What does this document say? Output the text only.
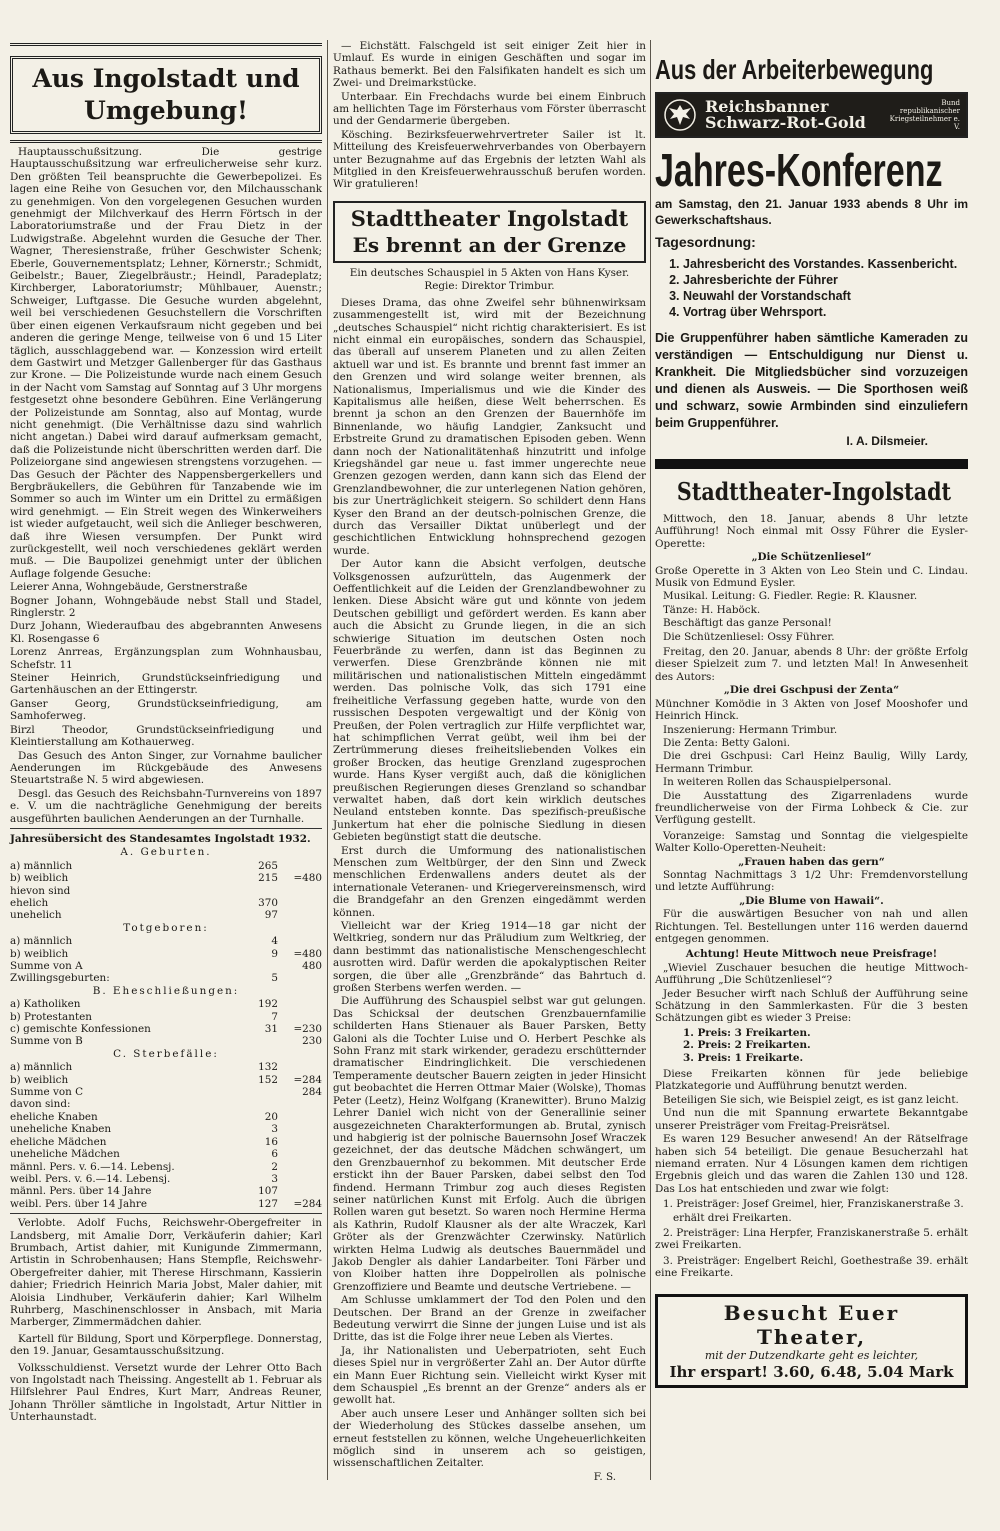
Aus Ingolstadt und Umgebung!

Hauptausschußsitzung. Die gestrige Hauptausschußsitzung war erfreulicherweise sehr kurz. Den größten Teil beanspruchte die Gewerbepolizei. Es lagen eine Reihe von Gesuchen vor, den Milchausschank zu genehmigen. Von den vorgelegenen Gesuchen wurden genehmigt der Milchverkauf des Herrn Förtsch in der Laboratoriumstraße und der Frau Dietz in der Ludwigstraße. Abgelehnt wurden die Gesuche der Ther. Wagner, Theresienstraße, früher Geschwister Schenk; Eberle, Gouvernementsplatz; Lehner, Körnerstr.; Schmidt, Geibelstr.; Bauer, Ziegelbräustr.; Heindl, Paradeplatz; Kirchberger, Laboratoriumstr; Mühlbauer, Auenstr.; Schweiger, Luftgasse. Die Gesuche wurden abgelehnt, weil bei verschiedenen Gesuchstellern die Vorschriften über einen eigenen Verkaufsraum nicht gegeben und bei anderen die geringe Menge, teilweise von 6 und 15 Liter täglich, ausschlaggebend war. — Konzession wird erteilt dem Gastwirt und Metzger Gallenberger für das Gasthaus zur Krone. — Die Polizeistunde wurde nach einem Gesuch in der Nacht vom Samstag auf Sonntag auf 3 Uhr morgens festgesetzt ohne besondere Gebühren. Eine Verlängerung der Polizeistunde am Sonntag, also auf Montag, wurde nicht genehmigt. (Die Verhältnisse dazu sind wahrlich nicht angetan.) Dabei wird darauf aufmerksam gemacht, daß die Polizeistunde nicht überschritten werden darf. Die Polizeiorgane sind angewiesen strengstens vorzugehen. — Das Gesuch der Pächter des Nappensbergerkellers und Bergbräukellers, die Gebühren für Tanzabende wie im Sommer so auch im Winter um ein Drittel zu ermäßigen wird genehmigt. — Ein Streit wegen des Winkerweihers ist wieder aufgetaucht, weil sich die Anlieger beschweren, daß ihre Wiesen versumpfen. Der Punkt wird zurückgestellt, weil noch verschiedenes geklärt werden muß. — Die Baupolizei genehmigt unter der üblichen Auflage folgende Gesuche:

Leierer Anna, Wohngebäude, Gerstnerstraße

Bogner Johann, Wohngebäude nebst Stall und Stadel, Ringlerstr. 2

Durz Johann, Wiederaufbau des abgebrannten Anwesens Kl. Rosengasse 6

Lorenz Anrreas, Ergänzungsplan zum Wohnhausbau, Schefstr. 11

Steiner Heinrich, Grundstückseinfriedigung und Gartenhäuschen an der Ettingerstr.

Ganser Georg, Grundstückseinfriedigung, am Samhoferweg.

Birzl Theodor, Grundstückseinfriedigung und Kleintierstallung am Kothauerweg.

Das Gesuch des Anton Singer, zur Vornahme baulicher Aenderungen im Rückgebäude des Anwesens Steuartstraße N. 5 wird abgewiesen.

Desgl. das Gesuch des Reichsbahn-Turnvereins von 1897 e. V. um die nachträgliche Genehmigung der bereits ausgeführten baulichen Aenderungen an der Turnhalle.

Jahresübersicht des Standesamtes Ingolstadt 1932.

A. Geburten.

a) männlich	265	
b) weiblich	215	=480
hievon sind		
ehelich	370	
unehelich	97	

Totgeboren:

a) männlich	4	
b) weiblich	9	=480
Summe von A		480
Zwillingsgeburten:	5	

B. Eheschließungen:

a) Katholiken	192	
b) Protestanten	7	
c) gemischte Konfessionen	31	=230
Summe von B		230

C. Sterbefälle:

a) männlich	132	
b) weiblich	152	=284
Summe von C		284
davon sind:		
eheliche Knaben	20	
uneheliche Knaben	3	
eheliche Mädchen	16	
uneheliche Mädchen	6	
männl. Pers. v. 6.—14. Lebensj.	2	
weibl. Pers. v. 6.—14. Lebensj.	3	
männl. Pers. über 14 Jahre	107	
weibl. Pers. über 14 Jahre	127	=284

Verlobte. Adolf Fuchs, Reichswehr-Obergefreiter in Landsberg, mit Amalie Dorr, Verkäuferin dahier; Karl Brumbach, Artist dahier, mit Kunigunde Zimmermann, Artistin in Schrobenhausen; Hans Stempfle, Reichswehr-Obergefreiter dahier, mit Therese Hirschmann, Kassierin dahier; Friedrich Heinrich Maria Jobst, Maler dahier, mit Aloisia Lindhuber, Verkäuferin dahier; Karl Wilhelm Ruhrberg, Maschinenschlosser in Ansbach, mit Maria Marberger, Zimmermädchen dahier.

Kartell für Bildung, Sport und Körperpflege. Donnerstag, den 19. Januar, Gesamtausschußsitzung.

Volksschuldienst. Versetzt wurde der Lehrer Otto Bach von Ingolstadt nach Theissing. Angestellt ab 1. Februar als Hilfslehrer Paul Endres, Kurt Marr, Andreas Reuner, Johann Thröller sämtliche in Ingolstadt, Artur Nittler in Unterhaunstadt.

— Eichstätt. Falschgeld ist seit einiger Zeit hier in Umlauf. Es wurde in einigen Geschäften und sogar im Rathaus bemerkt. Bei den Falsifikaten handelt es sich um Zwei- und Dreimarkstücke.

Unterbaar. Ein Frechdachs wurde bei einem Einbruch am hellichten Tage im Försterhaus vom Förster überrascht und der Gendarmerie übergeben.

Kösching. Bezirksfeuerwehrvertreter Sailer ist lt. Mitteilung des Kreisfeuerwehrverbandes von Oberbayern unter Bezugnahme auf das Ergebnis der letzten Wahl als Mitglied in den Kreisfeuerwehrausschuß berufen worden. Wir gratulieren!

Stadttheater Ingolstadt
Es brennt an der Grenze

Ein deutsches Schauspiel in 5 Akten von Hans Kyser.

Regie: Direktor Trimbur.

Dieses Drama, das ohne Zweifel sehr bühnenwirksam zusammengestellt ist, wird mit der Bezeichnung „deutsches Schauspiel“ nicht richtig charakterisiert. Es ist nicht einmal ein europäisches, sondern das Schauspiel, das überall auf unserem Planeten und zu allen Zeiten aktuell war und ist. Es brannte und brennt fast immer an den Grenzen und wird solange weiter brennen, als Nationalismus, Imperialismus und wie die Kinder des Kapitalismus alle heißen, diese Welt beherrschen. Es brennt ja schon an den Grenzen der Bauernhöfe im Binnenlande, wo häufig Landgier, Zanksucht und Erbstreite Grund zu dramatischen Episoden geben. Wenn dann noch der Nationalitätenhaß hinzutritt und infolge Kriegshändel gar neue u. fast immer ungerechte neue Grenzen gezogen werden, dann kann sich das Elend der Grenzlandbewohner, die zur unterlegenen Nation gehören, bis zur Unerträglichkeit steigern. So schildert denn Hans Kyser den Brand an der deutsch-polnischen Grenze, die durch das Versailler Diktat unüberlegt und der geschichtlichen Entwicklung hohnsprechend gezogen wurde.

Der Autor kann die Absicht verfolgen, deutsche Volksgenossen aufzurütteln, das Augenmerk der Oeffentlichkeit auf die Leiden der Grenzlandbewohner zu lenken. Diese Absicht wäre gut und könnte von jedem Deutschen gebilligt und gefördert werden. Es kann aber auch die Absicht zu Grunde liegen, in die an sich schwierige Situation im deutschen Osten noch Feuerbrände zu werfen, dann ist das Beginnen zu verwerfen. Diese Grenzbrände können nie mit militärischen und nationalistischen Mitteln eingedämmt werden. Das polnische Volk, das sich 1791 eine freiheitliche Verfassung gegeben hatte, wurde von den russischen Despoten vergewaltigt und der König von Preußen, der Polen vertraglich zur Hilfe verpflichtet war, hat schimpflichen Verrat geübt, weil ihm bei der Zertrümmerung dieses freiheitsliebenden Volkes ein großer Brocken, das heutige Grenzland zugesprochen wurde. Hans Kyser vergißt auch, daß die königlichen preußischen Regierungen dieses Grenzland so schandbar verwaltet haben, daß dort kein wirklich deutsches Neuland entsteben konnte. Das spezifisch-preußische Junkertum hat eher die polnische Siedlung in diesen Gebieten begünstigt statt die deutsche.

Erst durch die Umformung des nationalistischen Menschen zum Weltbürger, der den Sinn und Zweck menschlichen Erdenwallens anders deutet als der internationale Veteranen- und Kriegervereinsmensch, wird die Brandgefahr an den Grenzen eingedämmt werden können.

Vielleicht war der Krieg 1914—18 gar nicht der Weltkrieg, sondern nur das Präludium zum Weltkrieg, der dann bestimmt das nationalistische Menschengeschlecht ausrotten wird. Dafür werden die apokalyptischen Reiter sorgen, die über alle „Grenzbrände“ das Bahrtuch d. großen Sterbens werfen werden. —

Die Aufführung des Schauspiel selbst war gut gelungen. Das Schicksal der deutschen Grenzbauernfamilie schilderten Hans Stienauer als Bauer Parsken, Betty Galoni als die Tochter Luise und O. Herbert Peschke als Sohn Franz mit stark wirkender, geradezu erschütternder dramatischer Eindringlichkeit. Die verschiedenen Temperamente deutscher Bauern zeigten in jeder Hinsicht gut beobachtet die Herren Ottmar Maier (Wolske), Thomas Peter (Leetz), Heinz Wolfgang (Kranewitter). Bruno Malzig Lehrer Daniel wich nicht von der Generallinie seiner ausgezeichneten Charakterformungen ab. Brutal, zynisch und habgierig ist der polnische Bauernsohn Josef Wraczek gezeichnet, der das deutsche Mädchen schwängert, um den Grenzbauernhof zu bekommen. Mit deutscher Erde erstickt ihn der Bauer Parsken, dabei selbst den Tod findend. Hermann Trimbur zog auch dieses Registen seiner natürlichen Kunst mit Erfolg. Auch die übrigen Rollen waren gut besetzt. So waren noch Hermine Herma als Kathrin, Rudolf Klausner als der alte Wraczek, Karl Gröter als der Grenzwächter Czerwinsky. Natürlich wirkten Helma Ludwig als deutsches Bauernmädel und Jakob Dengler als dahier Landarbeiter. Toni Färber und von Kloiber hatten ihre Doppelrollen als polnische Grenzoffiziere und Beamte und deutsche Vertriebene. —

Am Schlusse umklammert der Tod den Polen und den Deutschen. Der Brand an der Grenze in zweifacher Bedeutung verwirrt die Sinne der jungen Luise und ist als Dritte, das ist die Folge ihrer neue Leben als Viertes.

Ja, ihr Nationalisten und Ueberpatrioten, seht Euch dieses Spiel nur in vergrößerter Zahl an. Der Autor dürfte ein Mann Euer Richtung sein. Vielleicht wirkt Kyser mit dem Schauspiel „Es brennt an der Grenze“ anders als er gewollt hat.

Aber auch unsere Leser und Anhänger sollten sich bei der Wiederholung des Stückes dasselbe ansehen, um erneut feststellen zu können, welche Ungeheuerlichkeiten möglich sind in unserem ach so geistigen, wissenschaftlichen Zeitalter.

F. S.

Aus der Arbeiterbewegung
Reichsbanner Schwarz-Rot-Gold
Bund republikanischer Kriegsteilnehmer e. V.
Jahres-Konferenz

am Samstag, den 21. Januar 1933 abends 8 Uhr im Gewerkschaftshaus.

Tagesordnung:

1. Jahresbericht des Vorstandes. Kassenbericht.
2. Jahresberichte der Führer
3. Neuwahl der Vorstandschaft
4. Vortrag über Wehrsport.

Die Gruppenführer haben sämtliche Kameraden zu verständigen — Entschuldigung nur Dienst u. Krankheit. Die Mitgliedsbücher sind vorzuzeigen und dienen als Ausweis. — Die Sporthosen weiß und schwarz, sowie Armbinden sind einzuliefern beim Gruppenführer.

I. A. Dilsmeier.

Stadttheater-Ingolstadt

Mittwoch, den 18. Januar, abends 8 Uhr letzte Aufführung! Noch einmal mit Ossy Führer die Eysler-Operette:

„Die Schützenliesel“

Große Operette in 3 Akten von Leo Stein und C. Lindau. Musik von Edmund Eysler.

Musikal. Leitung: G. Fiedler. Regie: R. Klausner.

Tänze: H. Haböck.

Beschäftigt das ganze Personal!

Die Schützenliesel: Ossy Führer.

Freitag, den 20. Januar, abends 8 Uhr: der größte Erfolg dieser Spielzeit zum 7. und letzten Mal! In Anwesenheit des Autors:

„Die drei Gschpusi der Zenta“

Münchner Komödie in 3 Akten von Josef Mooshofer und Heinrich Hinck.

Inszenierung: Hermann Trimbur.

Die Zenta: Betty Galoni.

Die drei Gschpusi: Carl Heinz Baulig, Willy Lardy, Hermann Trimbur.

In weiteren Rollen das Schauspielpersonal.

Die Ausstattung des Zigarrenladens wurde freundlicherweise von der Firma Lohbeck & Cie. zur Verfügung gestellt.

Voranzeige: Samstag und Sonntag die vielgespielte Walter Kollo-Operetten-Neuheit:

„Frauen haben das gern“

Sonntag Nachmittags 3 1/2 Uhr: Fremdenvorstellung und letzte Aufführung:

„Die Blume von Hawaii“.

Für die auswärtigen Besucher von nah und allen Richtungen. Tel. Bestellungen unter 116 werden dauernd entgegen genommen.

Achtung! Heute Mittwoch neue Preisfrage!

„Wieviel Zuschauer besuchen die heutige Mittwoch-Aufführung „Die Schützenliesel“?

Jeder Besucher wirft nach Schluß der Aufführung seine Schätzung in den Sammlerkasten. Für die 3 besten Schätzungen gibt es wieder 3 Preise:

1. Preis: 3 Freikarten.
2. Preis: 2 Freikarten.
3. Preis: 1 Freikarte.

Diese Freikarten können für jede beliebige Platzkategorie und Aufführung benutzt werden.

Beteiligen Sie sich, wie Beispiel zeigt, es ist ganz leicht.

Und nun die mit Spannung erwartete Bekanntgabe unserer Preisträger vom Freitag-Preisrätsel.

Es waren 129 Besucher anwesend! An der Rätselfrage haben sich 54 beteiligt. Die genaue Besucherzahl hat niemand erraten. Nur 4 Lösungen kamen dem richtigen Ergebnis gleich und das waren die Zahlen 130 und 128. Das Los hat entschieden und zwar wie folgt:

1. Preisträger: Josef Greimel, hier, Franziskanerstraße 3.

erhält drei Freikarten.

2. Preisträger: Lina Herpfer, Franziskanerstraße 5. erhält zwei Freikarten.

3. Preisträger: Engelbert Reichl, Goethestraße 39. erhält eine Freikarte.

Besucht Euer Theater,
mit der Dutzendkarte geht es leichter,
Ihr erspart! 3.60, 6.48, 5.04 Mark
